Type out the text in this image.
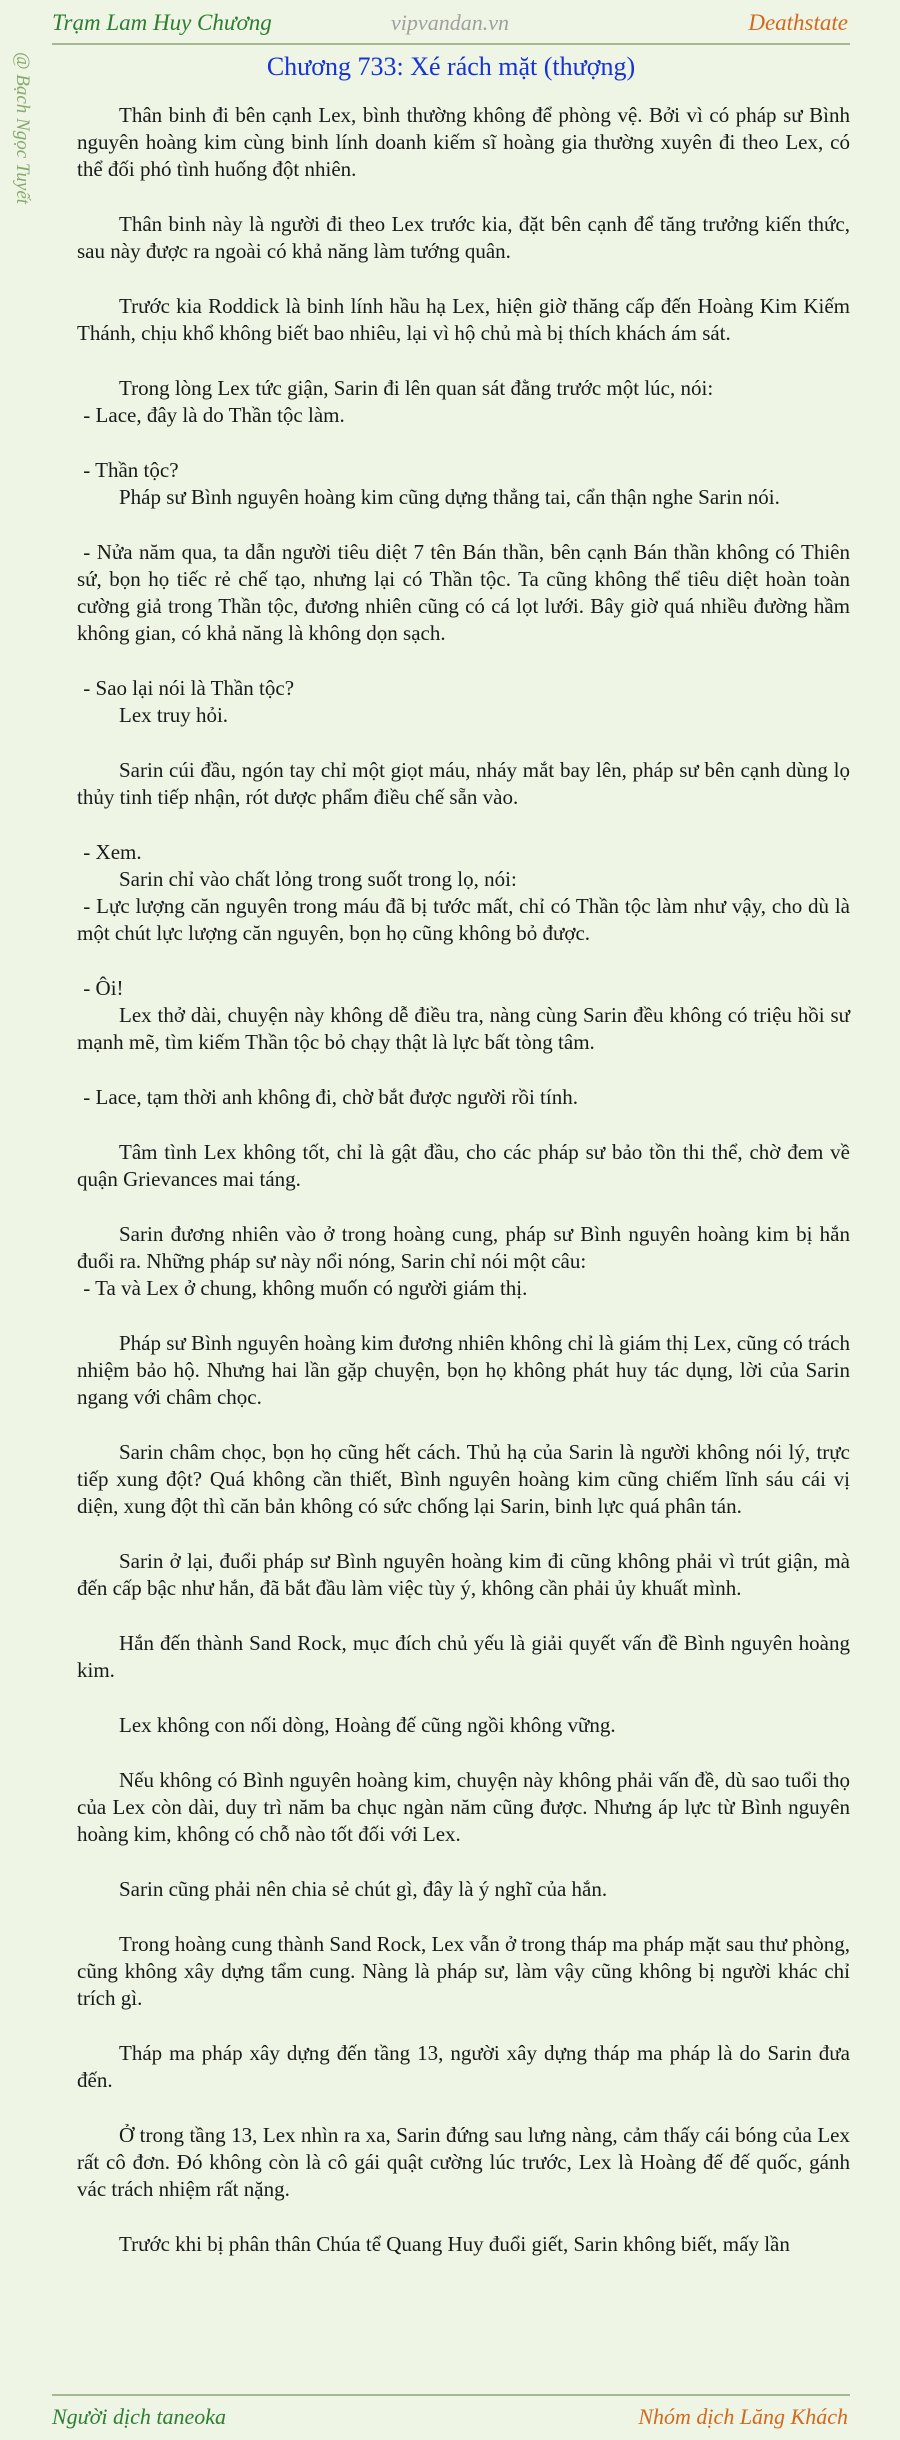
Trạm Lam Huy Chương	vipvandan.vn	Deathstate
@ Bạch Ngọc Tuyết	Chương 733: Xé rách mặt (thượng)

Thân binh đi bên cạnh Lex, bình thường không để phòng vệ. Bởi vì có pháp sư Bình nguyên hoàng kim cùng binh lính doanh kiếm sĩ hoàng gia thường xuyên đi theo Lex, có thể đối phó tình huống đột nhiên.

Thân binh này là người đi theo Lex trước kia, đặt bên cạnh để tăng trưởng kiến thức, sau này được ra ngoài có khả năng làm tướng quân.

Trước kia Roddick là binh lính hầu hạ Lex, hiện giờ thăng cấp đến Hoàng Kim Kiếm Thánh, chịu khổ không biết bao nhiêu, lại vì hộ chủ mà bị thích khách ám sát.

Trong lòng Lex tức giận, Sarin đi lên quan sát đằng trước một lúc, nói:

- Lace, đây là do Thần tộc làm.

- Thần tộc?

Pháp sư Bình nguyên hoàng kim cũng dựng thẳng tai, cẩn thận nghe Sarin nói.

- Nửa năm qua, ta dẫn người tiêu diệt 7 tên Bán thần, bên cạnh Bán thần không có Thiên sứ, bọn họ tiếc rẻ chế tạo, nhưng lại có Thần tộc. Ta cũng không thể tiêu diệt hoàn toàn cường giả trong Thần tộc, đương nhiên cũng có cá lọt lưới. Bây giờ quá nhiều đường hầm không gian, có khả năng là không dọn sạch.

- Sao lại nói là Thần tộc?

Lex truy hỏi.

Sarin cúi đầu, ngón tay chỉ một giọt máu, nháy mắt bay lên, pháp sư bên cạnh dùng lọ thủy tinh tiếp nhận, rót dược phẩm điều chế sẵn vào.

- Xem.

Sarin chỉ vào chất lỏng trong suốt trong lọ, nói:

- Lực lượng căn nguyên trong máu đã bị tước mất, chỉ có Thần tộc làm như vậy, cho dù là một chút lực lượng căn nguyên, bọn họ cũng không bỏ được.

- Ôi!

Lex thở dài, chuyện này không dễ điều tra, nàng cùng Sarin đều không có triệu hồi sư mạnh mẽ, tìm kiếm Thần tộc bỏ chạy thật là lực bất tòng tâm.

- Lace, tạm thời anh không đi, chờ bắt được người rồi tính.

Tâm tình Lex không tốt, chỉ là gật đầu, cho các pháp sư bảo tồn thi thể, chờ đem về quận Grievances mai táng.

Sarin đương nhiên vào ở trong hoàng cung, pháp sư Bình nguyên hoàng kim bị hắn đuổi ra. Những pháp sư này nổi nóng, Sarin chỉ nói một câu:

- Ta và Lex ở chung, không muốn có người giám thị.

Pháp sư Bình nguyên hoàng kim đương nhiên không chỉ là giám thị Lex, cũng có trách nhiệm bảo hộ. Nhưng hai lần gặp chuyện, bọn họ không phát huy tác dụng, lời của Sarin ngang với châm chọc.

Sarin châm chọc, bọn họ cũng hết cách. Thủ hạ của Sarin là người không nói lý, trực tiếp xung đột? Quá không cần thiết, Bình nguyên hoàng kim cũng chiếm lĩnh sáu cái vị diện, xung đột thì căn bản không có sức chống lại Sarin, binh lực quá phân tán.

Sarin ở lại, đuổi pháp sư Bình nguyên hoàng kim đi cũng không phải vì trút giận, mà đến cấp bậc như hắn, đã bắt đầu làm việc tùy ý, không cần phải ủy khuất mình.

Hắn đến thành Sand Rock, mục đích chủ yếu là giải quyết vấn đề Bình nguyên hoàng kim.

Lex không con nối dòng, Hoàng đế cũng ngồi không vững.

Nếu không có Bình nguyên hoàng kim, chuyện này không phải vấn đề, dù sao tuổi thọ của Lex còn dài, duy trì năm ba chục ngàn năm cũng được. Nhưng áp lực từ Bình nguyên hoàng kim, không có chỗ nào tốt đối với Lex.

Sarin cũng phải nên chia sẻ chút gì, đây là ý nghĩ của hắn.

Trong hoàng cung thành Sand Rock, Lex vẫn ở trong tháp ma pháp mặt sau thư phòng, cũng không xây dựng tẩm cung. Nàng là pháp sư, làm vậy cũng không bị người khác chỉ trích gì.

Tháp ma pháp xây dựng đến tầng 13, người xây dựng tháp ma pháp là do Sarin đưa đến.

Ở trong tầng 13, Lex nhìn ra xa, Sarin đứng sau lưng nàng, cảm thấy cái bóng của Lex rất cô đơn. Đó không còn là cô gái quật cường lúc trước, Lex là Hoàng đế đế quốc, gánh vác trách nhiệm rất nặng.

Trước khi bị phân thân Chúa tể Quang Huy đuổi giết, Sarin không biết, mấy lần

Người dịch taneoka	Nhóm dịch Lăng Khách
